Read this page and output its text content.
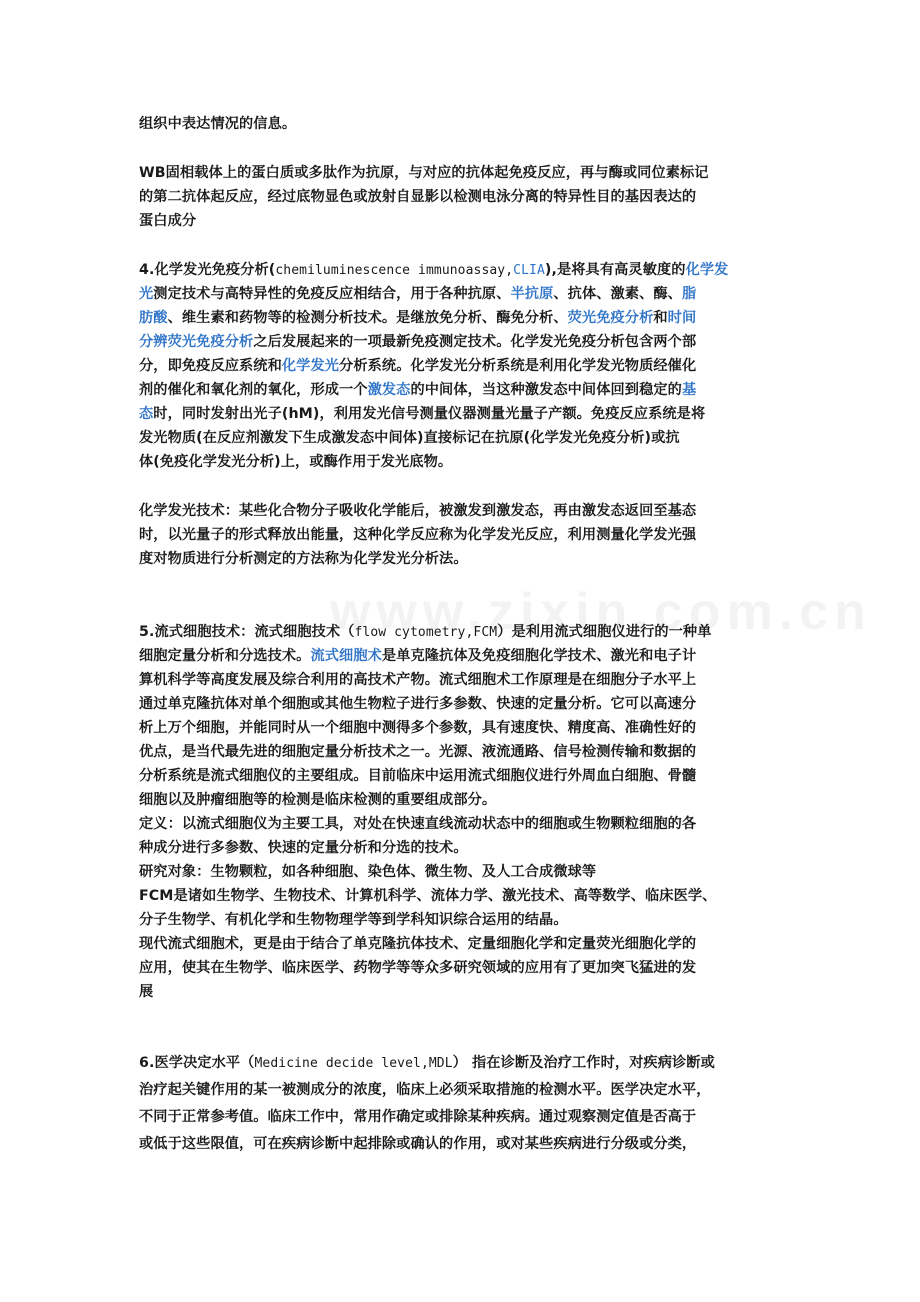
组织中表达情况的信息。
WB固相载体上的蛋白质或多肽作为抗原，与对应的抗体起免疫反应，再与酶或同位素标记
的第二抗体起反应，经过底物显色或放射自显影以检测电泳分离的特异性目的基因表达的
蛋白成分
4.化学发光免疫分析(chemiluminescence immunoassay,CLIA),是将具有高灵敏度的化学发
光测定技术与高特异性的免疫反应相结合，用于各种抗原、半抗原、抗体、激素、酶、脂
肪酸、维生素和药物等的检测分析技术。是继放免分析、酶免分析、荧光免疫分析和时间
分辨荧光免疫分析之后发展起来的一项最新免疫测定技术。化学发光免疫分析包含两个部
分，即免疫反应系统和化学发光分析系统。化学发光分析系统是利用化学发光物质经催化
剂的催化和氧化剂的氧化，形成一个激发态的中间体，当这种激发态中间体回到稳定的基
态时，同时发射出光子(hM)，利用发光信号测量仪器测量光量子产额。免疫反应系统是将
发光物质(在反应剂激发下生成激发态中间体)直接标记在抗原(化学发光免疫分析)或抗
体(免疫化学发光分析)上，或酶作用于发光底物。
化学发光技术：某些化合物分子吸收化学能后，被激发到激发态，再由激发态返回至基态
时，以光量子的形式释放出能量，这种化学反应称为化学发光反应，利用测量化学发光强
度对物质进行分析测定的方法称为化学发光分析法。
5.流式细胞技术：流式细胞技术（flow cytometry,FCM）是利用流式细胞仪进行的一种单
细胞定量分析和分选技术。流式细胞术是单克隆抗体及免疫细胞化学技术、激光和电子计
算机科学等高度发展及综合利用的高技术产物。流式细胞术工作原理是在细胞分子水平上
通过单克隆抗体对单个细胞或其他生物粒子进行多参数、快速的定量分析。它可以高速分
析上万个细胞，并能同时从一个细胞中测得多个参数，具有速度快、精度高、准确性好的
优点，是当代最先进的细胞定量分析技术之一。光源、液流通路、信号检测传输和数据的
分析系统是流式细胞仪的主要组成。目前临床中运用流式细胞仪进行外周血白细胞、骨髓
细胞以及肿瘤细胞等的检测是临床检测的重要组成部分。
定义：以流式细胞仪为主要工具，对处在快速直线流动状态中的细胞或生物颗粒细胞的各
种成分进行多参数、快速的定量分析和分选的技术。
研究对象：生物颗粒，如各种细胞、染色体、微生物、及人工合成微球等
FCM是诸如生物学、生物技术、计算机科学、流体力学、激光技术、高等数学、临床医学、
分子生物学、有机化学和生物物理学等到学科知识综合运用的结晶。
现代流式细胞术，更是由于结合了单克隆抗体技术、定量细胞化学和定量荧光细胞化学的
应用，使其在生物学、临床医学、药物学等等众多研究领域的应用有了更加突飞猛进的发
展
6.医学决定水平（Medicine decide level,MDL） 指在诊断及治疗工作时，对疾病诊断或
治疗起关键作用的某一被测成分的浓度，临床上必须采取措施的检测水平。医学决定水平，
不同于正常参考值。临床工作中，常用作确定或排除某种疾病。通过观察测定值是否高于
或低于这些限值，可在疾病诊断中起排除或确认的作用，或对某些疾病进行分级或分类，
